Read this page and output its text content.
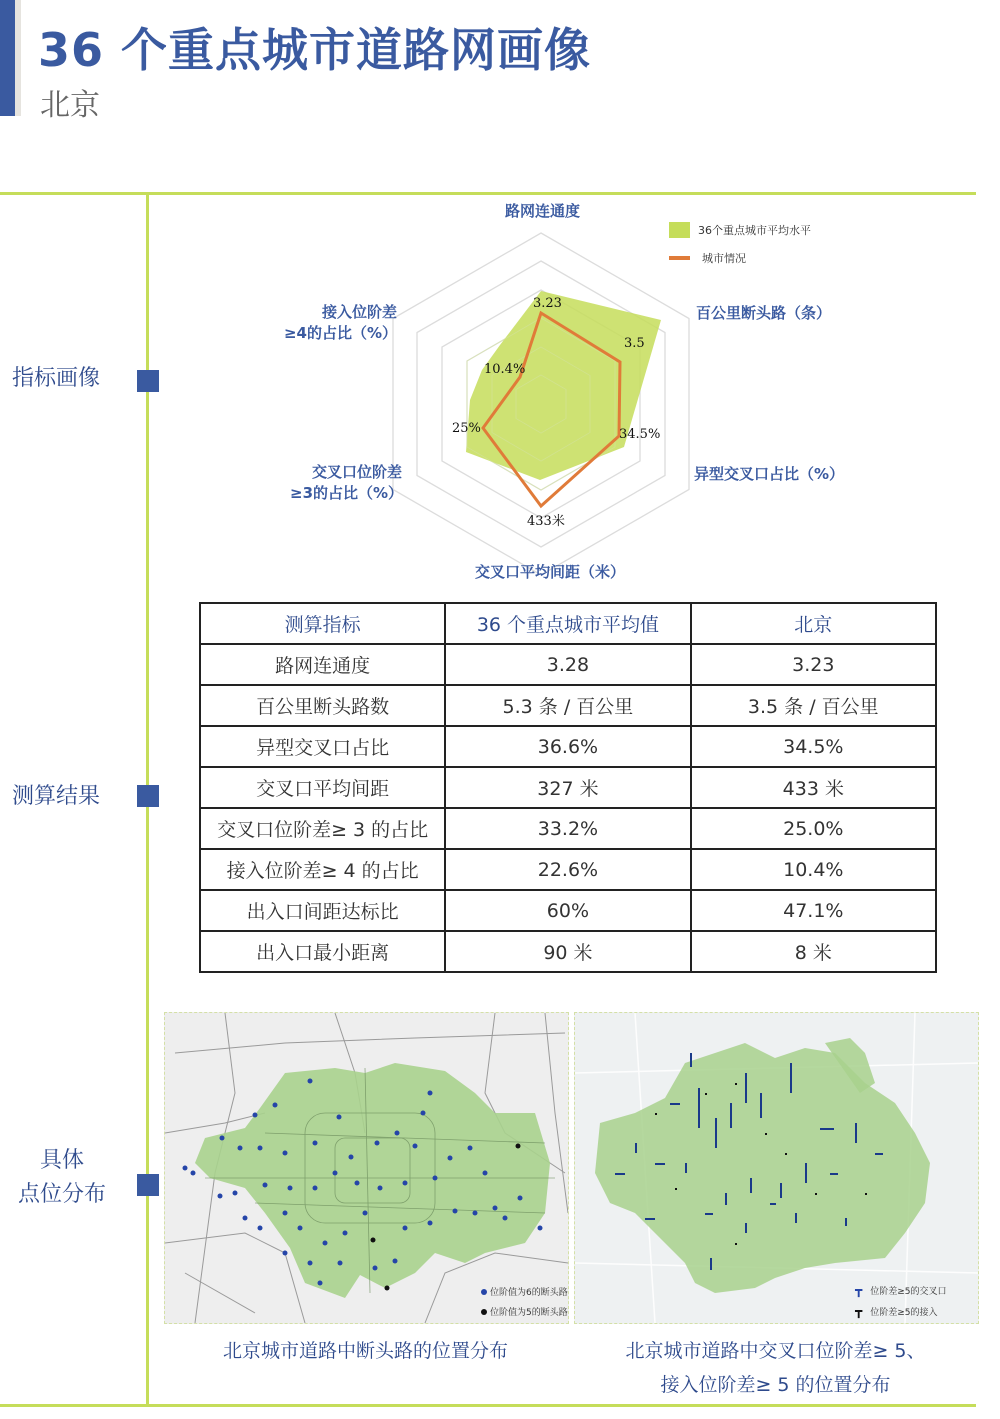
36 个重点城市道路网画像
北京
指标画像
测算结果
具体
点位分布
路网连通度
百公里断头路（条）
异型交叉口占比（%）
交叉口平均间距（米）
交叉口位阶差
≥3的占比（%）
接入位阶差
≥4的占比（%）
3.23
3.5
34.5%
433米
25%
10.4%
36个重点城市平均水平
城市情况
测算指标	36 个重点城市平均值	北京
路网连通度	3.28	3.23
百公里断头路数	5.3 条 / 百公里	3.5 条 / 百公里
异型交叉口占比	36.6%	34.5%
交叉口平均间距	327 米	433 米
交叉口位阶差≥ 3 的占比	33.2%	25.0%
接入位阶差≥ 4 的占比	22.6%	10.4%
出入口间距达标比	60%	47.1%
出入口最小距离	90 米	8 米
位阶值为6的断头路
位阶值为5的断头路
北京城市道路中断头路的位置分布
┳ 位阶差≥5的交叉口
┳ 位阶差≥5的接入
北京城市道路中交叉口位阶差≥ 5、
接入位阶差≥ 5 的位置分布
